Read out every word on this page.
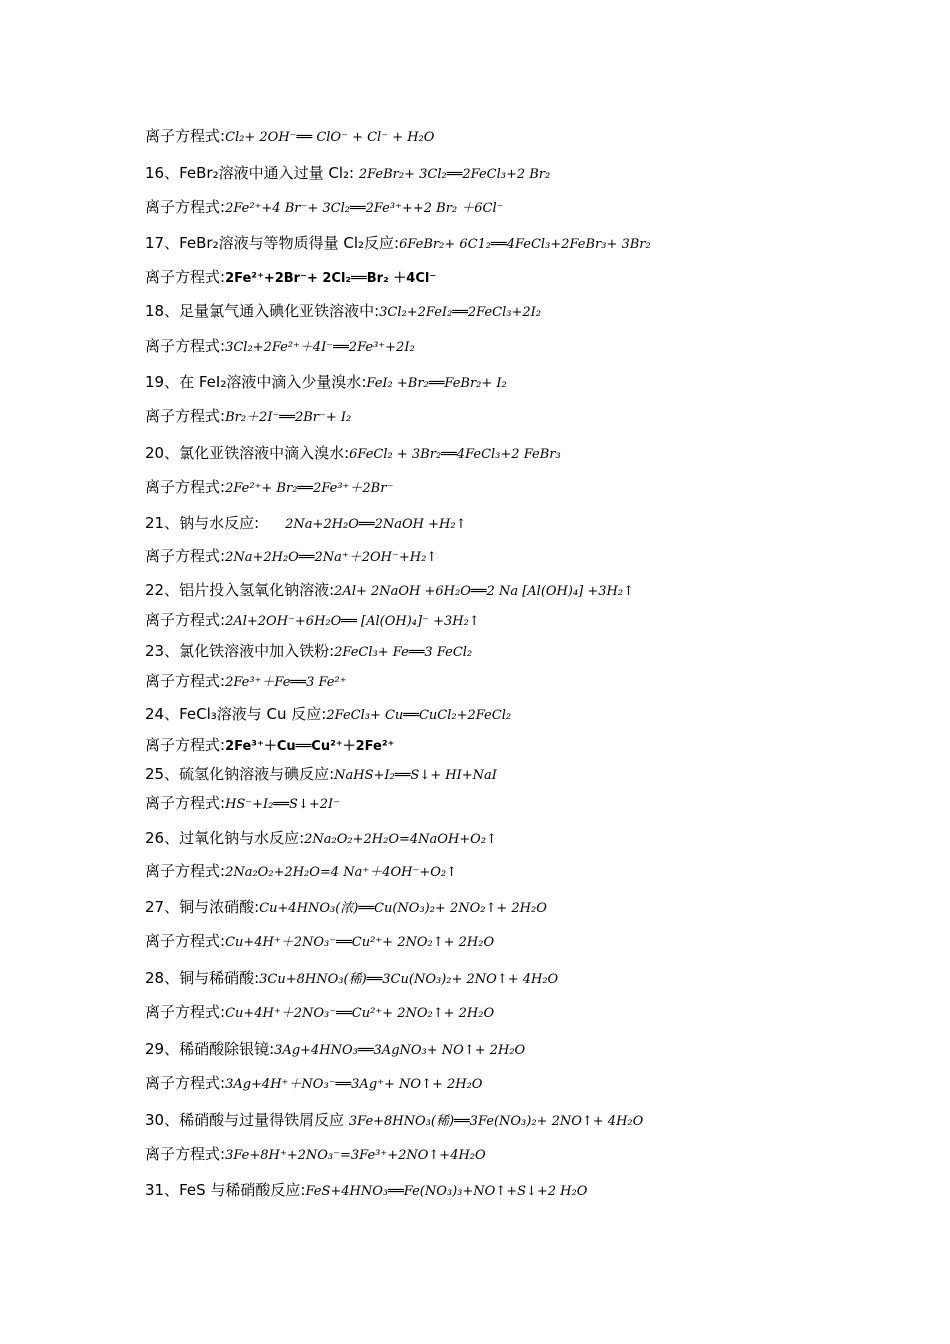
离子方程式:Cl₂+ 2OH⁻══ ClO⁻ + Cl⁻ + H₂O
16、FeBr₂溶液中通入过量 Cl₂: 2FeBr₂+ 3Cl₂══2FeCl₃+2 Br₂
离子方程式:2Fe²⁺+4 Br⁻+ 3Cl₂══2Fe³⁺++2 Br₂ ＋6Cl⁻
17、FeBr₂溶液与等物质得量 Cl₂反应:6FeBr₂+ 6C1₂══4FeCl₃+2FeBr₃+ 3Br₂
离子方程式:2Fe²⁺+2Br⁻+ 2Cl₂══Br₂ ＋4Cl⁻
18、足量氯气通入碘化亚铁溶液中:3Cl₂+2FeI₂══2FeCl₃+2I₂
离子方程式:3Cl₂+2Fe²⁺＋4I⁻══2Fe³⁺+2I₂
19、在 FeI₂溶液中滴入少量溴水:FeI₂ +Br₂══FeBr₂+ I₂
离子方程式:Br₂＋2I⁻══2Br⁻+ I₂
20、氯化亚铁溶液中滴入溴水:6FeCl₂ + 3Br₂══4FeCl₃+2 FeBr₃
离子方程式:2Fe²⁺+ Br₂══2Fe³⁺＋2Br⁻
21、钠与水反应:　　2Na+2H₂O══2NaOH +H₂↑
离子方程式:2Na+2H₂O══2Na⁺＋2OH⁻+H₂↑
22、铝片投入氢氧化钠溶液:2Al+ 2NaOH +6H₂O══2 Na [Al(OH)₄] +3H₂↑
离子方程式:2Al+2OH⁻+6H₂O══ [Al(OH)₄]⁻ +3H₂↑
23、氯化铁溶液中加入铁粉:2FeCl₃+ Fe══3 FeCl₂
离子方程式:2Fe³⁺＋Fe══3 Fe²⁺
24、FeCl₃溶液与 Cu 反应:2FeCl₃+ Cu══CuCl₂+2FeCl₂
离子方程式:2Fe³⁺＋Cu══Cu²⁺＋2Fe²⁺
25、硫氢化钠溶液与碘反应:NaHS+I₂══S↓+ HI+NaI
离子方程式:HS⁻+I₂══S↓+2I⁻
26、过氧化钠与水反应:2Na₂O₂+2H₂O=4NaOH+O₂↑
离子方程式:2Na₂O₂+2H₂O=4 Na⁺＋4OH⁻+O₂↑
27、铜与浓硝酸:Cu+4HNO₃(浓)══Cu(NO₃)₂+ 2NO₂↑+ 2H₂O
离子方程式:Cu+4H⁺＋2NO₃⁻══Cu²⁺+ 2NO₂↑+ 2H₂O
28、铜与稀硝酸:3Cu+8HNO₃(稀)══3Cu(NO₃)₂+ 2NO↑+ 4H₂O
离子方程式:Cu+4H⁺＋2NO₃⁻══Cu²⁺+ 2NO₂↑+ 2H₂O
29、稀硝酸除银镜:3Ag+4HNO₃══3AgNO₃+ NO↑+ 2H₂O
离子方程式:3Ag+4H⁺＋NO₃⁻══3Ag⁺+ NO↑+ 2H₂O
30、稀硝酸与过量得铁屑反应 3Fe+8HNO₃(稀)══3Fe(NO₃)₂+ 2NO↑+ 4H₂O
离子方程式:3Fe+8H⁺+2NO₃⁻=3Fe³⁺+2NO↑+4H₂O
31、FeS 与稀硝酸反应:FeS+4HNO₃══Fe(NO₃)₃+NO↑+S↓+2 H₂O
